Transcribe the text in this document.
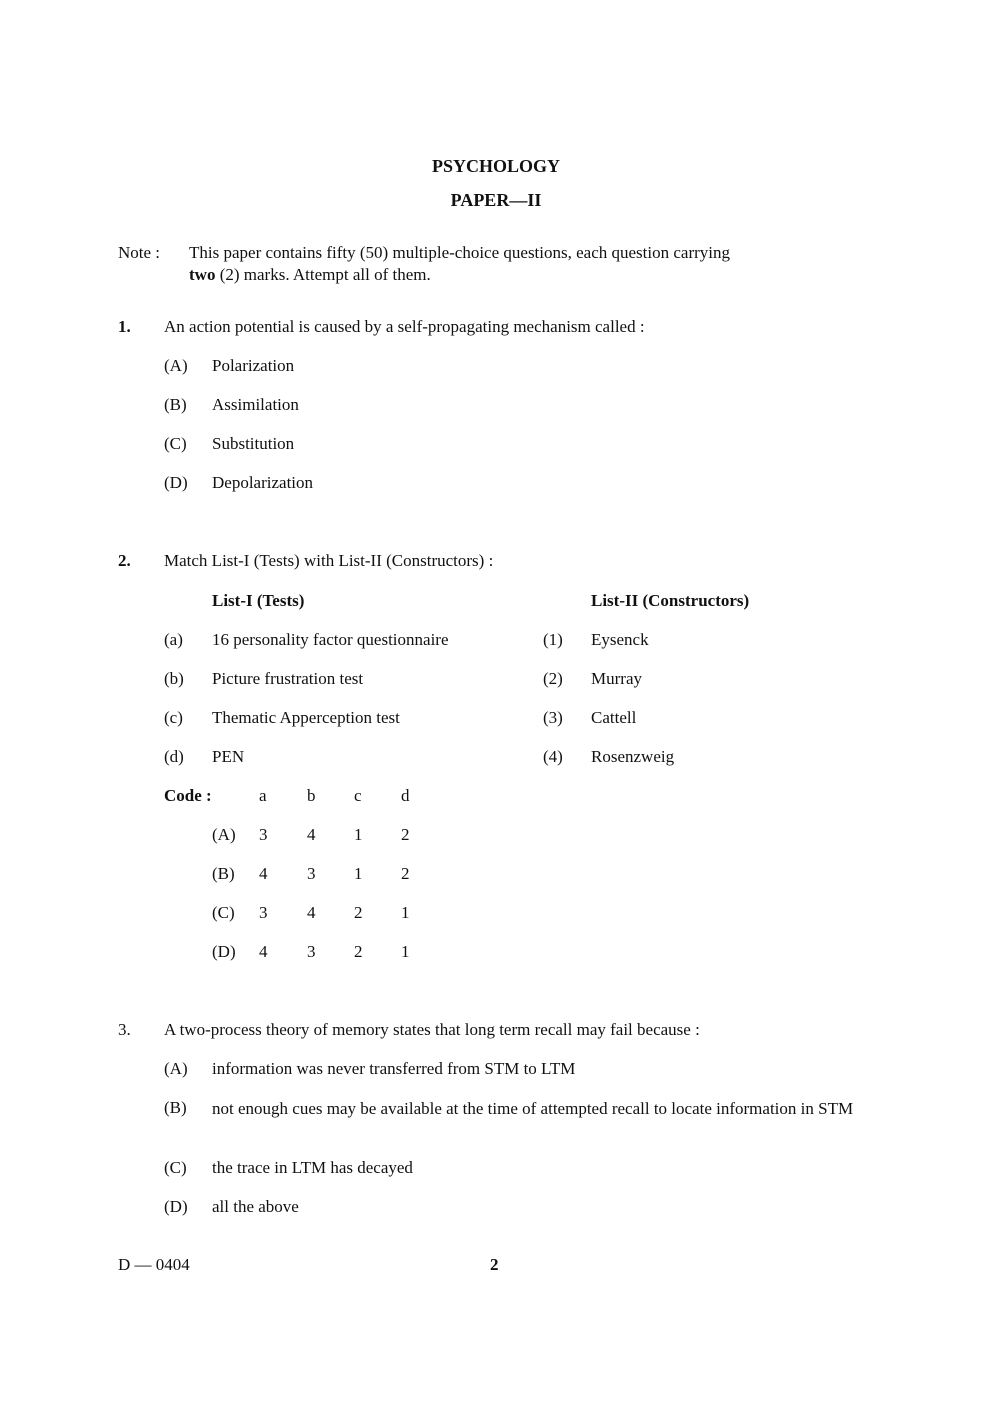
PSYCHOLOGY
PAPER—II
Note : This paper contains fifty (50) multiple-choice questions, each question carrying
two (2) marks. Attempt all of them.
1. An action potential is caused by a self-propagating mechanism called :
(A) Polarization
(B) Assimilation
(C) Substitution
(D) Depolarization
2. Match List-I (Tests) with List-II (Constructors) :
List-I (Tests)	List-II (Constructors)
(a) 16 personality factor questionnaire	(1) Eysenck
(b) Picture frustration test	(2) Murray
(c) Thematic Apperception test	(3) Cattell
(d) PEN	(4) Rosenzweig
Code :	a b c d
(A) 3 4 1 2
(B) 4 3 1 2
(C) 3 4 2 1
(D) 4 3 2 1
3. A two-process theory of memory states that long term recall may fail because :
(A) information was never transferred from STM to LTM
(B) not enough cues may be available at the time of attempted recall to locate information in STM
(C) the trace in LTM has decayed
(D) all the above
D — 0404	2
